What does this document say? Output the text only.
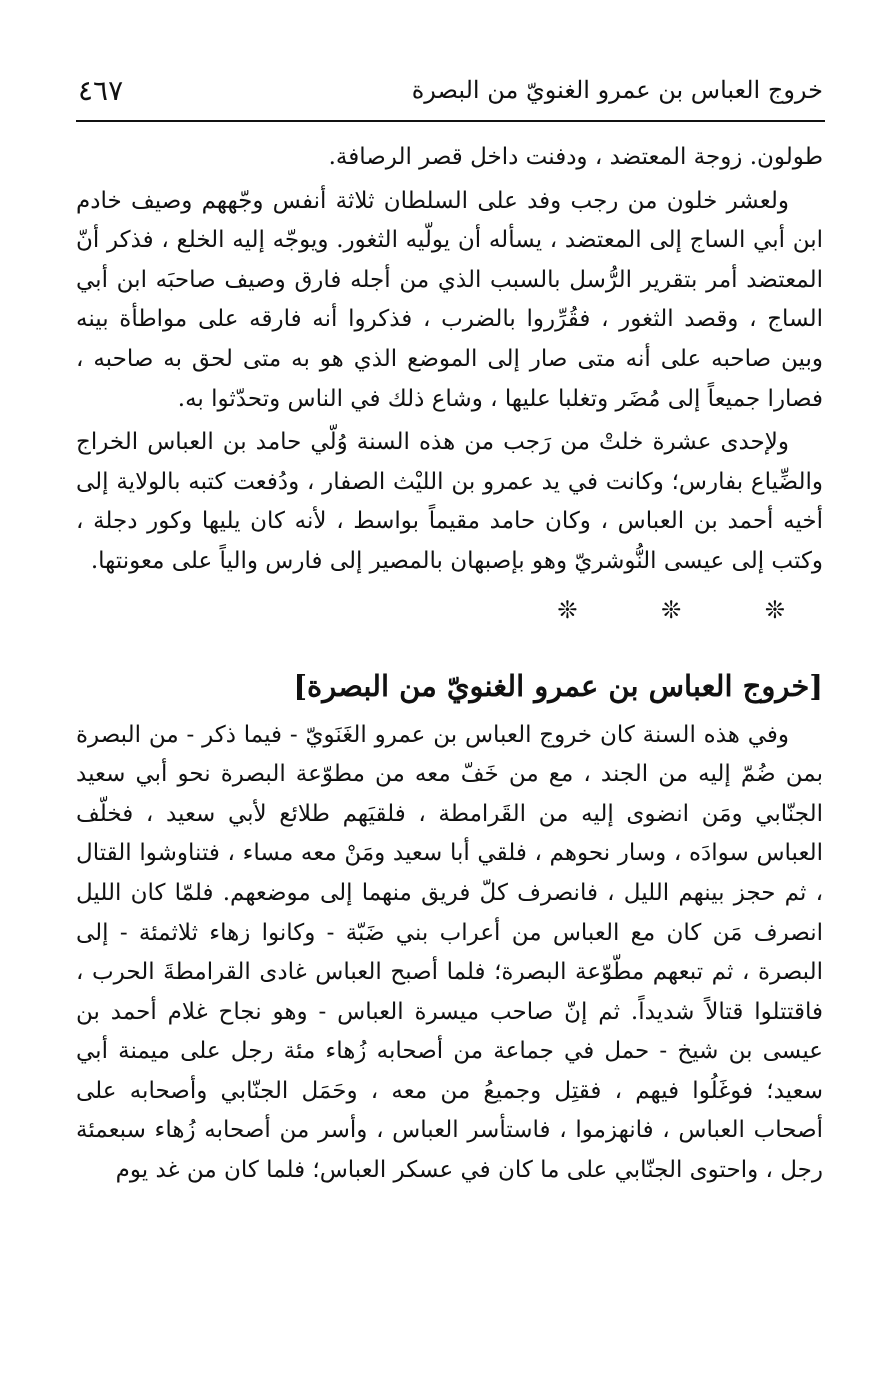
خروج العباس بن عمرو الغنويّ من البصرة
٤٦٧

طولون. زوجة المعتضد ، ودفنت داخل قصر الرصافة.

ولعشر خلون من رجب وفد على السلطان ثلاثة أنفس وجّههم وصيف خادم ابن أبي الساج إلى المعتضد ، يسأله أن يولّيه الثغور. ويوجّه إليه الخلع ، فذكر أنّ المعتضد أمر بتقرير الرُّسل بالسبب الذي من أجله فارق وصيف صاحبَه ابن أبي الساج ، وقصد الثغور ، فقُرِّروا بالضرب ، فذكروا أنه فارقه على مواطأة بينه وبين صاحبه على أنه متى صار إلى الموضع الذي هو به متى لحق به صاحبه ، فصارا جميعاً إلى مُضَر وتغلبا عليها ، وشاع ذلك في الناس وتحدّثوا به.

ولإحدى عشرة خلتْ من رَجب من هذه السنة وُلّي حامد بن العباس الخراج والضِّياع بفارس؛ وكانت في يد عمرو بن الليْث الصفار ، ودُفعت كتبه بالولاية إلى أخيه أحمد بن العباس ، وكان حامد مقيماً بواسط ، لأنه كان يليها وكور دجلة ، وكتب إلى عيسى النُّوشريّ وهو بإصبهان بالمصير إلى فارس والياً على معونتها.

❊ ❊ ❊
[خروج العباس بن عمرو الغنويّ من البصرة]

وفي هذه السنة كان خروج العباس بن عمرو الغَنَويّ - فيما ذكر - من البصرة بمن ضُمّ إليه من الجند ، مع من خَفّ معه من مطوّعة البصرة نحو أبي سعيد الجنّابي ومَن انضوى إليه من القَرامطة ، فلقيَهم طلائع لأبي سعيد ، فخلّف العباس سوادَه ، وسار نحوهم ، فلقي أبا سعيد ومَنْ معه مساء ، فتناوشوا القتال ، ثم حجز بينهم الليل ، فانصرف كلّ فريق منهما إلى موضعهم. فلمّا كان الليل انصرف مَن كان مع العباس من أعراب بني ضَبّة - وكانوا زهاء ثلاثمئة - إلى البصرة ، ثم تبعهم مطّوّعة البصرة؛ فلما أصبح العباس غادى القرامطةَ الحرب ، فاقتتلوا قتالاً شديداً. ثم إنّ صاحب ميسرة العباس - وهو نجاح غلام أحمد بن عيسى بن شيخ - حمل في جماعة من أصحابه زُهاء مئة رجل على ميمنة أبي سعيد؛ فوغَلُوا فيهم ، فقتِل وجميعُ من معه ، وحَمَل الجنّابي وأصحابه على أصحاب العباس ، فانهزموا ، فاستأسر العباس ، وأسر من أصحابه زُهاء سبعمئة رجل ، واحتوى الجنّابي على ما كان في عسكر العباس؛ فلما كان من غد يوم
